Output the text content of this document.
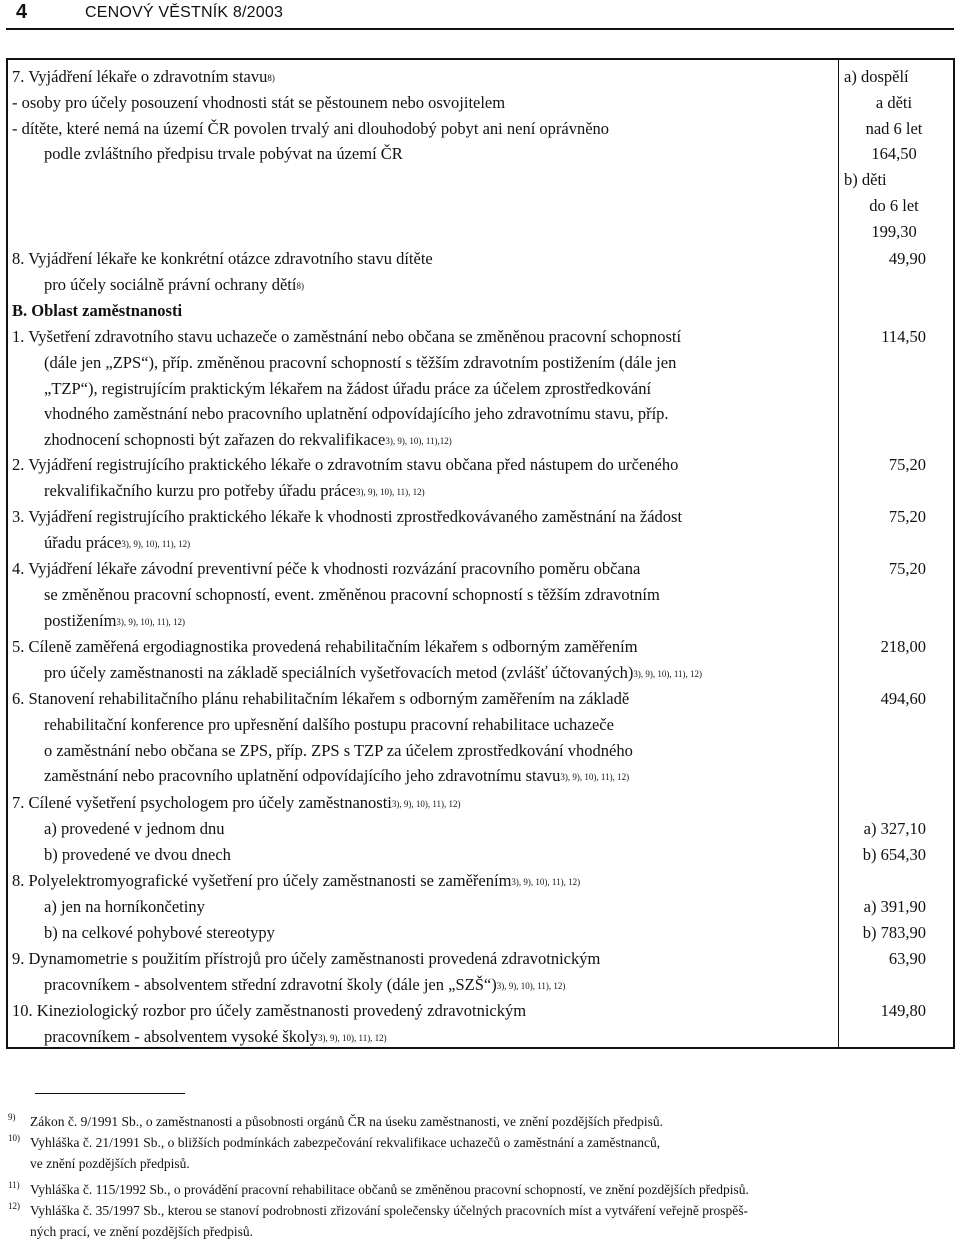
4	CENOVÝ VĚSTNÍK 8/2003
7. Vyjádření lékaře o zdravotním stavu$^{8)}$
- osoby pro účely posouzení vhodnosti stát se pěstounem nebo osvojitelem
- dítěte, které nemá na území ČR povolen trvalý ani dlouhodobý pobyt ani není oprávněno
podle zvláštního předpisu trvale pobývat na území ČR
a) dospělí
a děti
nad 6 let
164,50
b) děti
do 6 let
199,30
8. Vyjádření lékaře ke konkrétní otázce zdravotního stavu dítěte
pro účely sociálně právní ochrany dětí$^{8)}$
49,90
B. Oblast zaměstnanosti
1. Vyšetření zdravotního stavu uchazeče o zaměstnání nebo občana se změněnou pracovní schopností
(dále jen „ZPS“), příp. změněnou pracovní schopností s těžším zdravotním postižením (dále jen
„TZP“), registrujícím praktickým lékařem na žádost úřadu práce za účelem zprostředkování
vhodného zaměstnání nebo pracovního uplatnění odpovídajícího jeho zdravotnímu stavu, příp.
zhodnocení schopnosti být zařazen do rekvalifikace$^{3), 9), 10), 11),12)}$
114,50
2. Vyjádření registrujícího praktického lékaře o zdravotním stavu občana před nástupem do určeného
rekvalifikačního kurzu pro potřeby úřadu práce$^{3), 9), 10), 11), 12)}$
75,20
3. Vyjádření registrujícího praktického lékaře k vhodnosti zprostředkovávaného zaměstnání na žádost
úřadu práce$^{3), 9), 10), 11), 12)}$
75,20
4. Vyjádření lékaře závodní preventivní péče k vhodnosti rozvázání pracovního poměru občana
se změněnou pracovní schopností, event. změněnou pracovní schopností s těžším zdravotním
postižením$^{3), 9), 10), 11), 12)}$
75,20
5. Cíleně zaměřená ergodiagnostika provedená rehabilitačním lékařem s odborným zaměřením
pro účely zaměstnanosti na základě speciálních vyšetřovacích metod (zvlášť účtovaných)$^{3), 9), 10), 11), 12)}$
218,00
6. Stanovení rehabilitačního plánu rehabilitačním lékařem s odborným zaměřením na základě
rehabilitační konference pro upřesnění dalšího postupu pracovní rehabilitace uchazeče
o zaměstnání nebo občana se ZPS, příp. ZPS s TZP za účelem zprostředkování vhodného
zaměstnání nebo pracovního uplatnění odpovídajícího jeho zdravotnímu stavu$^{3), 9), 10), 11), 12)}$
494,60
7. Cílené vyšetření psychologem pro účely zaměstnanosti$^{3), 9), 10), 11), 12)}$
a) provedené v jednom dnu
b) provedené ve dvou dnech
a) 327,10
b) 654,30
8. Polyelektromyografické vyšetření pro účely zaměstnanosti se zaměřením$^{3), 9), 10), 11), 12)}$
a) jen na horníkončetiny
b) na celkové pohybové stereotypy
a) 391,90
b) 783,90
9. Dynamometrie s použitím přístrojů pro účely zaměstnanosti provedená zdravotnickým
pracovníkem - absolventem střední zdravotní školy (dále jen „SZŠ“)$^{3), 9), 10), 11), 12)}$
63,90
10. Kineziologický rozbor pro účely zaměstnanosti provedený zdravotnickým
pracovníkem - absolventem vysoké školy$^{3), 9), 10), 11), 12)}$
149,80
9) Zákon č. 9/1991 Sb., o zaměstnanosti a působnosti orgánů ČR na úseku zaměstnanosti, ve znění pozdějších předpisů.
10) Vyhláška č. 21/1991 Sb., o bližších podmínkách zabezpečování rekvalifikace uchazečů o zaměstnání a zaměstnanců,
ve znění pozdějších předpisů.
11) Vyhláška č. 115/1992 Sb., o provádění pracovní rehabilitace občanů se změněnou pracovní schopností, ve znění pozdějších předpisů.
12) Vyhláška č. 35/1997 Sb., kterou se stanoví podrobnosti zřizování společensky účelných pracovních míst a vytváření veřejně prospěš-
ných prací, ve znění pozdějších předpisů.
